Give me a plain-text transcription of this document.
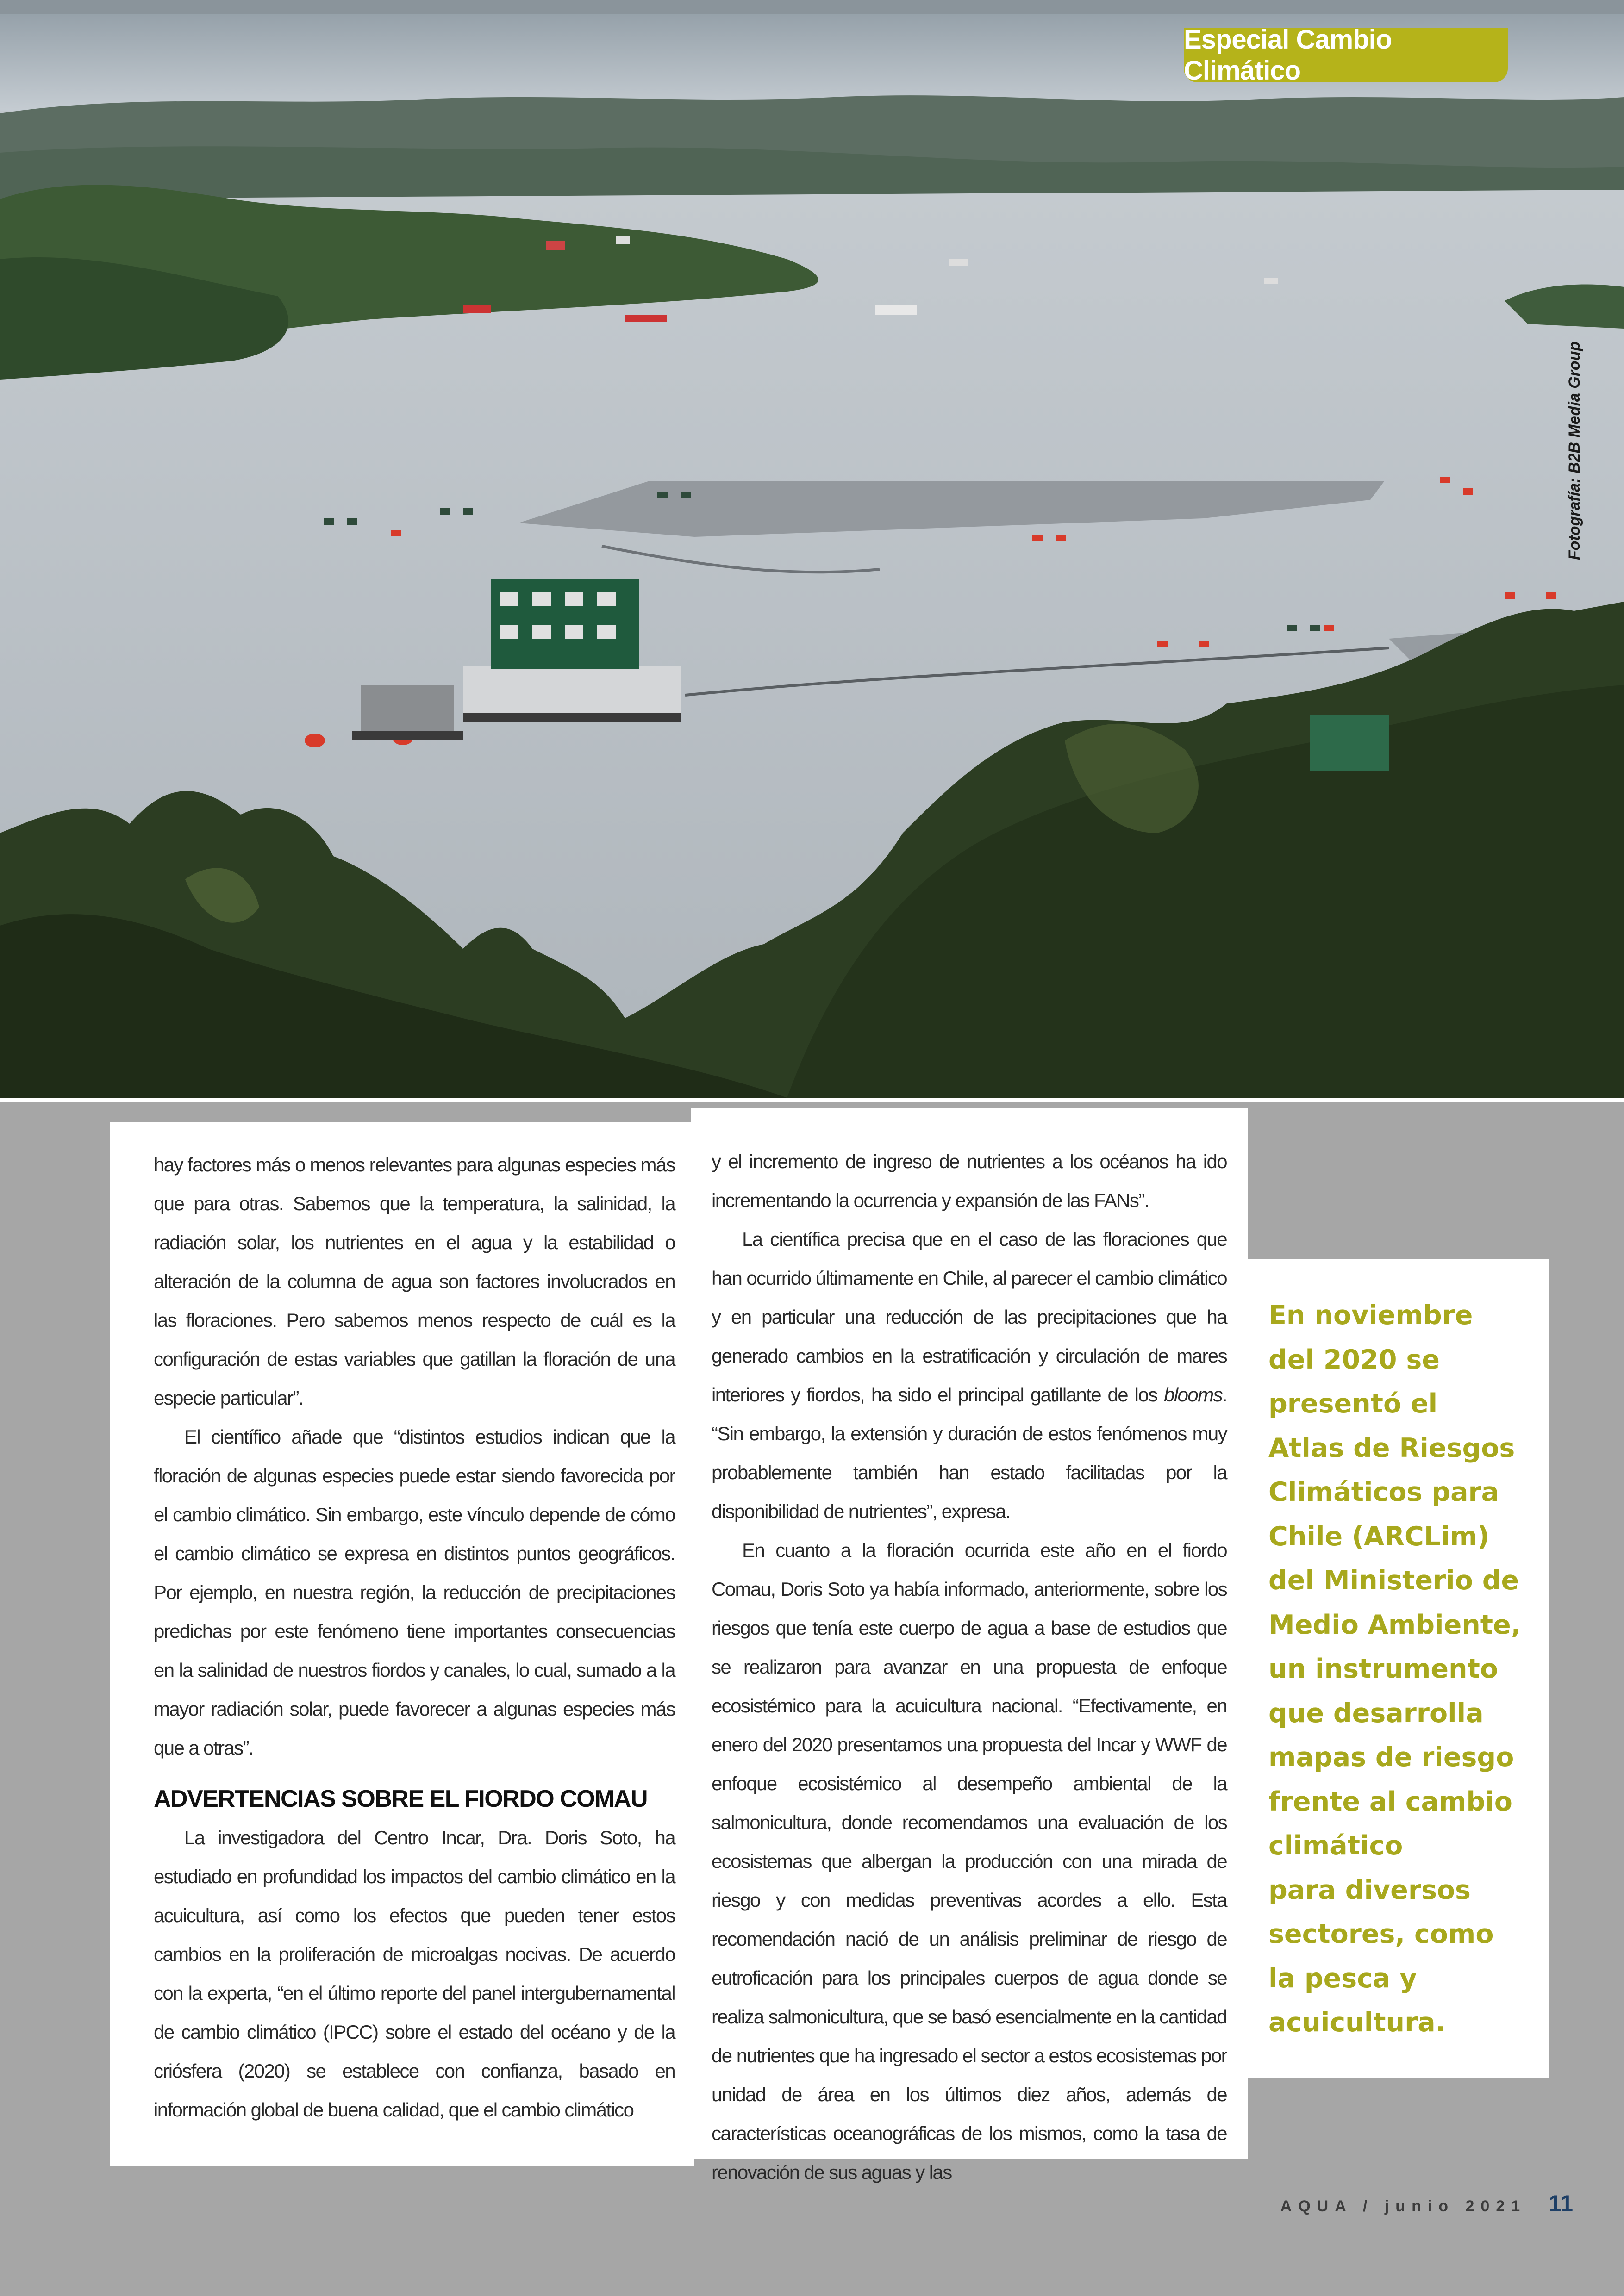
Especial Cambio Climático
Fotografía: B2B Media Group

hay factores más o menos relevantes para algunas especies más que para otras. Sabemos que la temperatura, la salinidad, la radiación solar, los nutrientes en el agua y la estabilidad o alteración de la columna de agua son factores involucrados en las floraciones. Pero sabemos menos respecto de cuál es la configuración de estas variables que gatillan la floración de una especie particular”.

El científico añade que “distintos estudios indican que la floración de algunas especies puede estar siendo favorecida por el cambio climático. Sin embargo, este vínculo depende de cómo el cambio climático se expresa en distintos puntos geográficos. Por ejemplo, en nuestra región, la reducción de precipitaciones predichas por este fenómeno tiene importantes consecuencias en la salinidad de nuestros fiordos y canales, lo cual, sumado a la mayor radiación solar, puede favorecer a algunas especies más que a otras”.

ADVERTENCIAS SOBRE EL FIORDO COMAU

La investigadora del Centro Incar, Dra. Doris Soto, ha estudiado en profundidad los impactos del cambio climático en la acuicultura, así como los efectos que pueden tener estos cambios en la proliferación de microalgas nocivas. De acuerdo con la experta, “en el último reporte del panel intergubernamental de cambio climático (IPCC) sobre el estado del océano y de la criósfera (2020) se establece con confianza, basado en información global de buena calidad, que el cambio climático

y el incremento de ingreso de nutrientes a los océanos ha ido incrementando la ocurrencia y expansión de las FANs”.

La científica precisa que en el caso de las floraciones que han ocurrido últimamente en Chile, al parecer el cambio climático y en particular una reducción de las precipitaciones que ha generado cambios en la estratificación y circulación de mares interiores y fiordos, ha sido el principal gatillante de los blooms. “Sin embargo, la extensión y duración de estos fenómenos muy probablemente también han estado facilitadas por la disponibilidad de nutrientes”, expresa.

En cuanto a la floración ocurrida este año en el fiordo Comau, Doris Soto ya había informado, anteriormente, sobre los riesgos que tenía este cuerpo de agua a base de estudios que se realizaron para avanzar en una propuesta de enfoque ecosistémico para la acuicultura nacional. “Efectivamente, en enero del 2020 presentamos una propuesta del Incar y WWF de enfoque ecosistémico al desempeño ambiental de la salmonicultura, donde recomendamos una evaluación de los ecosistemas que albergan la producción con una mirada de riesgo y con medidas preventivas acordes a ello. Esta recomendación nació de un análisis preliminar de riesgo de eutroficación para los principales cuerpos de agua donde se realiza salmonicultura, que se basó esencialmente en la cantidad de nutrientes que ha ingresado el sector a estos ecosistemas por unidad de área en los últimos diez años, además de características oceanográficas de los mismos, como la tasa de renovación de sus aguas y las

En noviembre
del 2020 se
presentó el
Atlas de Riesgos
Climáticos para
Chile (ARCLim)
del Ministerio de
Medio Ambiente,
un instrumento
que desarrolla
mapas de riesgo
frente al cambio
climático
para diversos
sectores, como
la pesca y
acuicultura.
AQUA / junio 2021 11
